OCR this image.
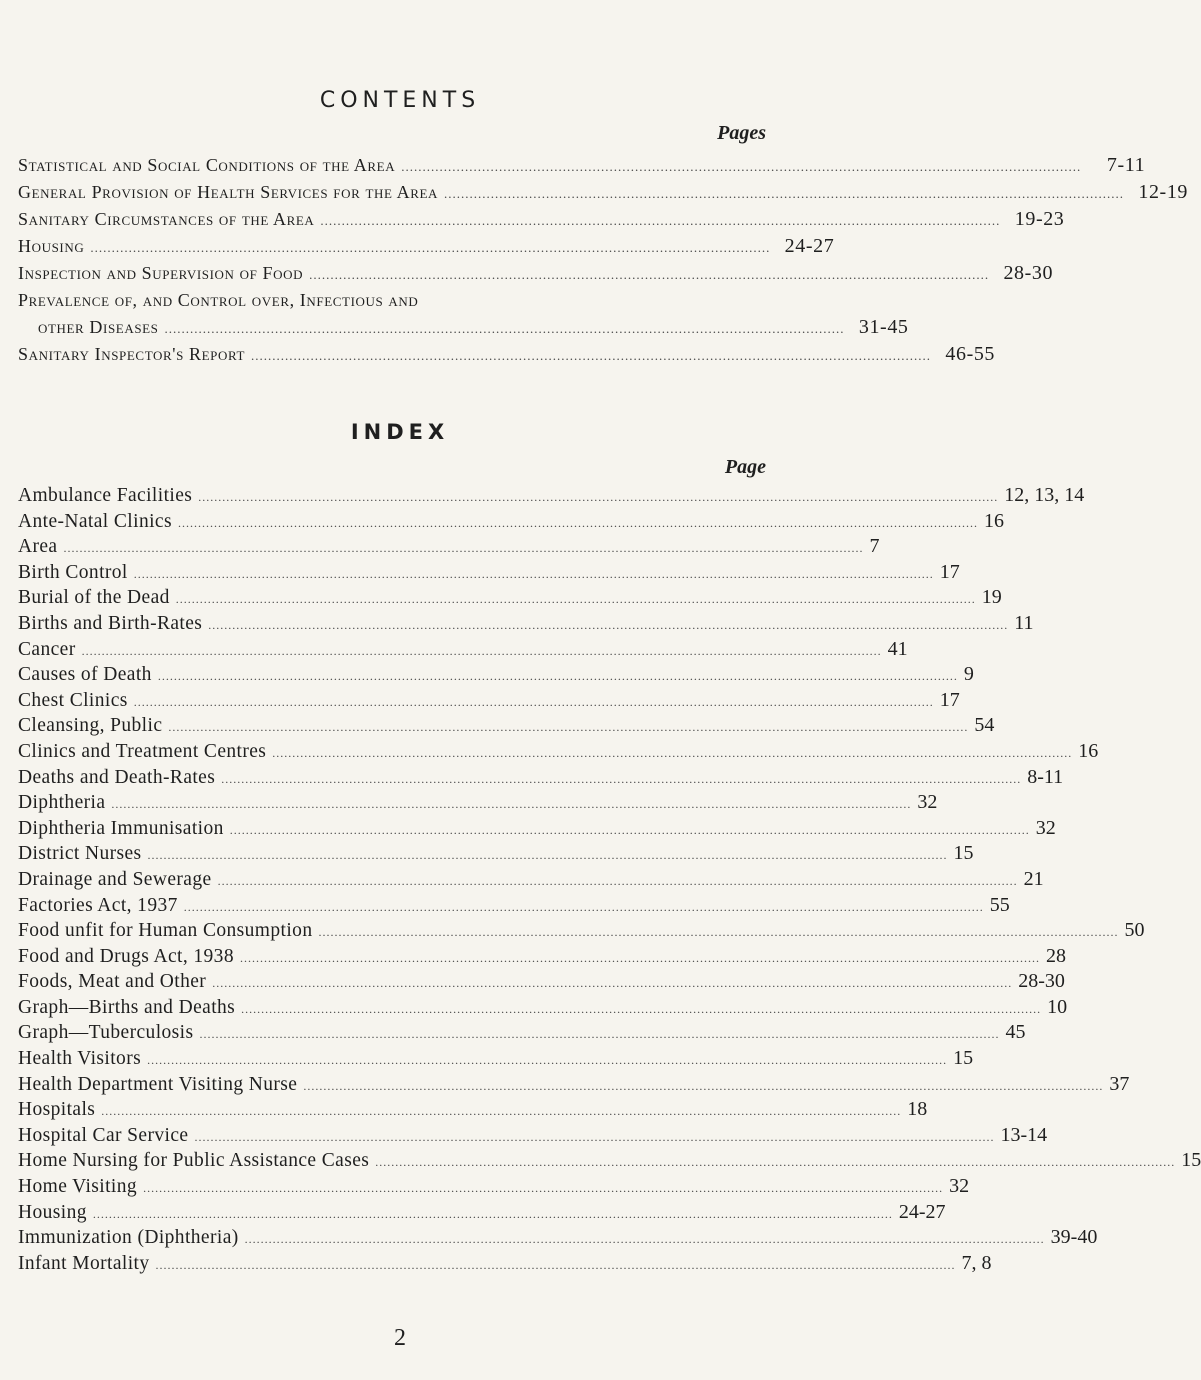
CONTENTS
Pages
Statistical and Social Conditions of the Area ................................................................................................................................................................	7-11
General Provision of Health Services for the Area ................................................................................................................................................................ 12-19
Sanitary Circumstances of the Area ................................................................................................................................................................ 19-23
Housing ................................................................................................................................................................ 24-27
Inspection and Supervision of Food ................................................................................................................................................................ 28-30
Prevalence of, and Control over, Infectious and
other Diseases ................................................................................................................................................................ 31-45
Sanitary Inspector's Report ................................................................................................................................................................ 46-55
INDEX
Page
Ambulance Facilities ........................................................................................................................................................................................................ 12, 13, 14
Ante-Natal Clinics ........................................................................................................................................................................................................ 16
Area ........................................................................................................................................................................................................ 7
Birth Control ........................................................................................................................................................................................................ 17
Burial of the Dead ........................................................................................................................................................................................................ 19
Births and Birth-Rates ........................................................................................................................................................................................................ 11
Cancer ........................................................................................................................................................................................................ 41
Causes of Death ........................................................................................................................................................................................................ 9
Chest Clinics ........................................................................................................................................................................................................ 17
Cleansing, Public ........................................................................................................................................................................................................ 54
Clinics and Treatment Centres ........................................................................................................................................................................................................ 16
Deaths and Death-Rates ........................................................................................................................................................................................................ 8-11
Diphtheria ........................................................................................................................................................................................................ 32
Diphtheria Immunisation ........................................................................................................................................................................................................ 32
District Nurses ........................................................................................................................................................................................................ 15
Drainage and Sewerage ........................................................................................................................................................................................................ 21
Factories Act, 1937 ........................................................................................................................................................................................................ 55
Food unfit for Human Consumption ........................................................................................................................................................................................................ 50
Food and Drugs Act, 1938 ........................................................................................................................................................................................................ 28
Foods, Meat and Other ........................................................................................................................................................................................................ 28-30
Graph—Births and Deaths ........................................................................................................................................................................................................ 10
Graph—Tuberculosis ........................................................................................................................................................................................................ 45
Health Visitors ........................................................................................................................................................................................................ 15
Health Department Visiting Nurse ........................................................................................................................................................................................................ 37
Hospitals ........................................................................................................................................................................................................ 18
Hospital Car Service ........................................................................................................................................................................................................ 13-14
Home Nursing for Public Assistance Cases ........................................................................................................................................................................................................ 15
Home Visiting ........................................................................................................................................................................................................ 32
Housing ........................................................................................................................................................................................................ 24-27
Immunization (Diphtheria) ........................................................................................................................................................................................................ 39-40
Infant Mortality ........................................................................................................................................................................................................ 7, 8
2
